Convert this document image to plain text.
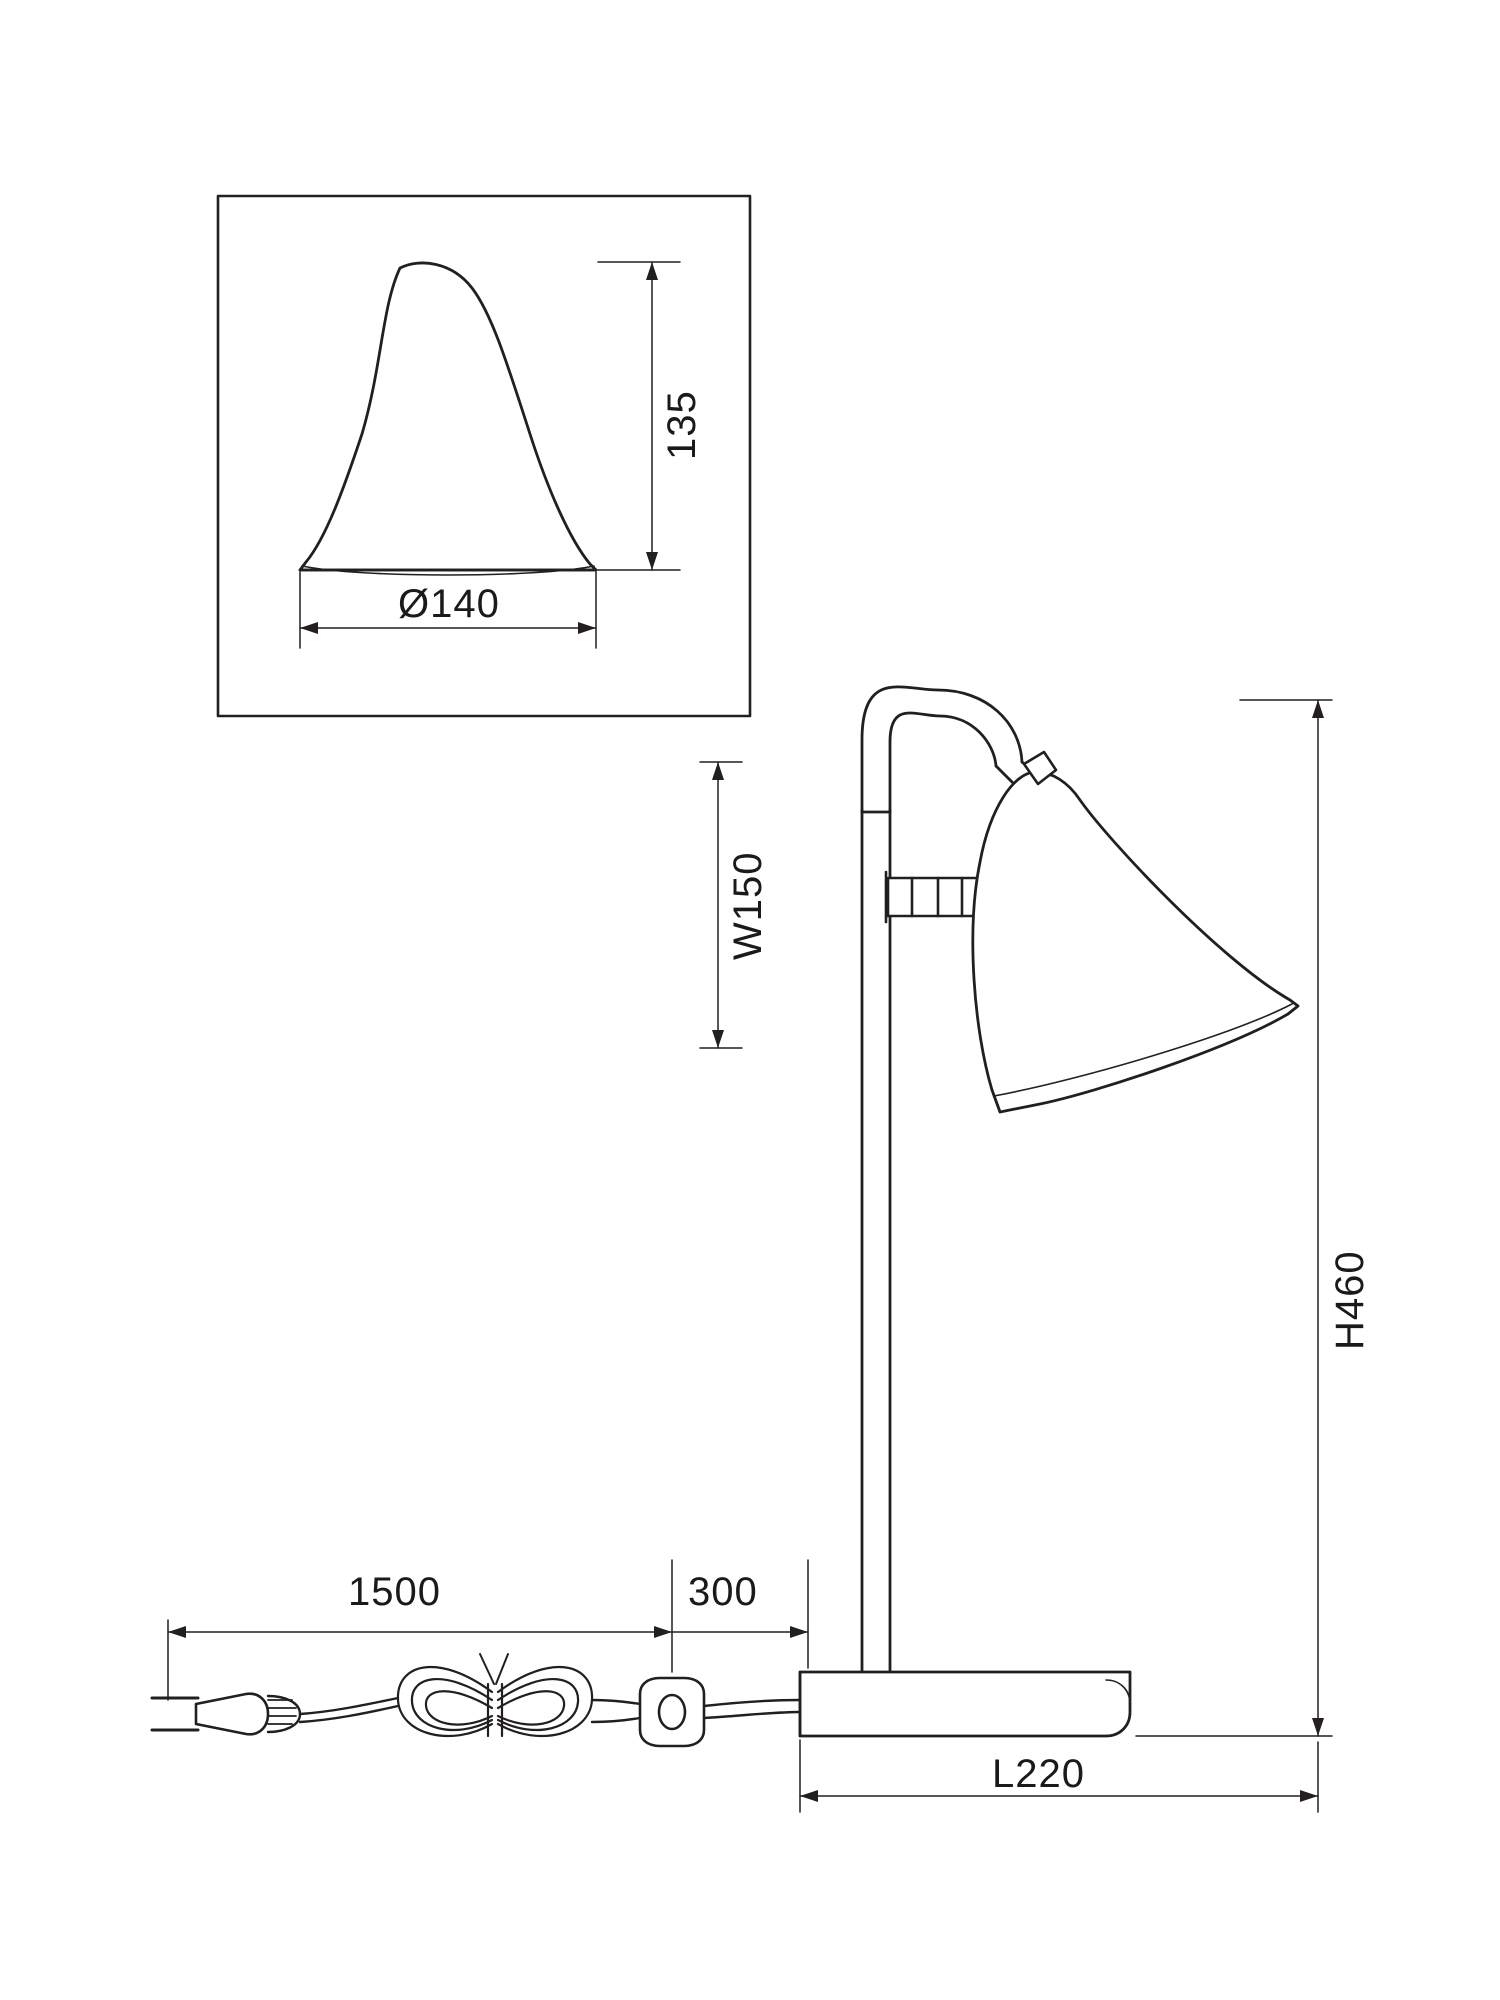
135
Ø140
W150
H460
L220
1500	300
